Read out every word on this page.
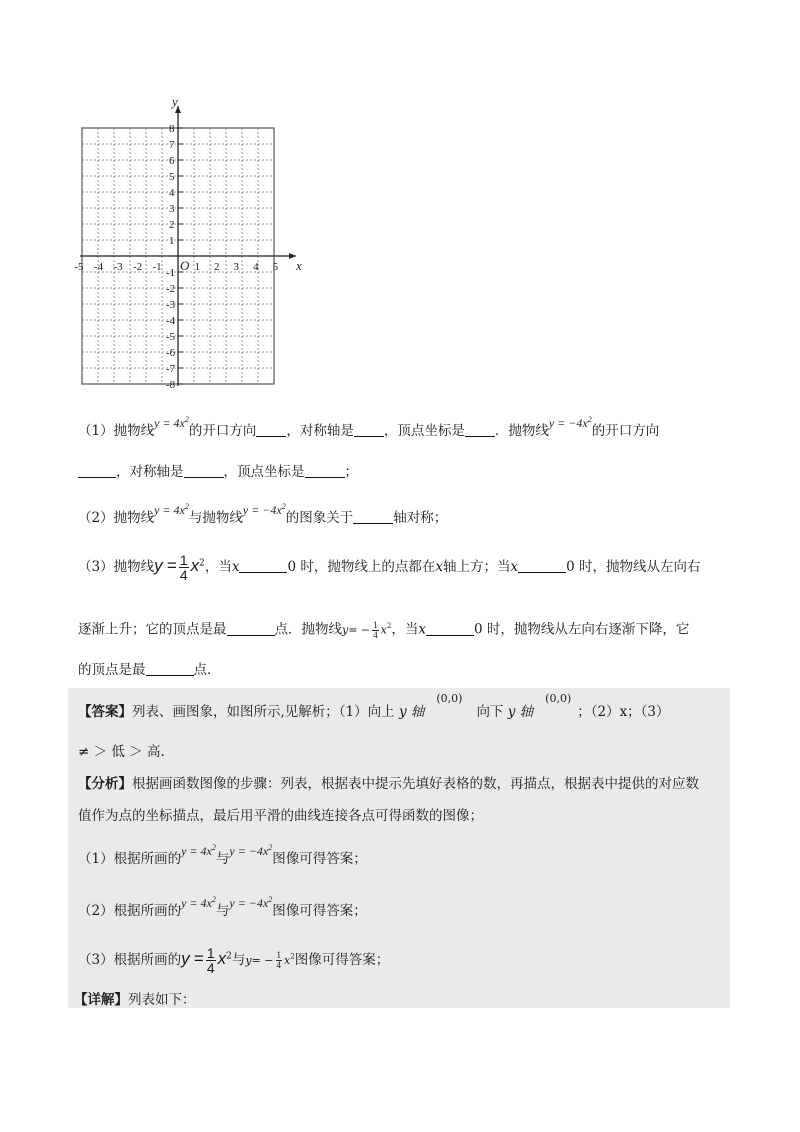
8
7
6
5
4
3
2
1
-1
-2
-3
-4
-5
-6
-7
-8
-5 -4 -3 -2 -1	1 2 3 4 5
O	x
y
（1）抛物线$y = 4x^2$的开口方向 ，对称轴是 ，顶点坐标是 ．抛物线$y = -4x^2$的开口方向
，对称轴是	，顶点坐标是	；
（2）抛物线$y = 4x^2$与抛物线$y = -4x^2$的图象关于	轴对称；
（3）抛物线$y = \frac{1}{4} x^2$，当x	0 时，抛物线上的点都在x轴上方；当x	0 时，抛物线从左向右
逐渐上升；它的顶点是最	点．抛物线$y= - \frac{1}{4} x^2$，当x	0 时，抛物线从左向右逐渐下降，它
的顶点是最	点．
【答案】列表、画图象，如图所示,见解析；（1）向上 y 轴$^{(0,0)}$向下 y 轴$^{(0,0)}$；（2）x；（3）
≠ ＞ 低 ＞ 高.
【分析】根据画函数图像的步骤：列表，根据表中提示先填好表格的数，再描点，根据表中提供的对应数
值作为点的坐标描点，最后用平滑的曲线连接各点可得函数的图像；
（1）根据所画的$y = 4x^2$与$y = -4x^2$图像可得答案；
（2）根据所画的$y = 4x^2$与$y = -4x^2$图像可得答案；
（3）根据所画的$y = \frac{1}{4} x^2$与$y= - \frac{1}{4} x^2$图像可得答案；
【详解】列表如下：
